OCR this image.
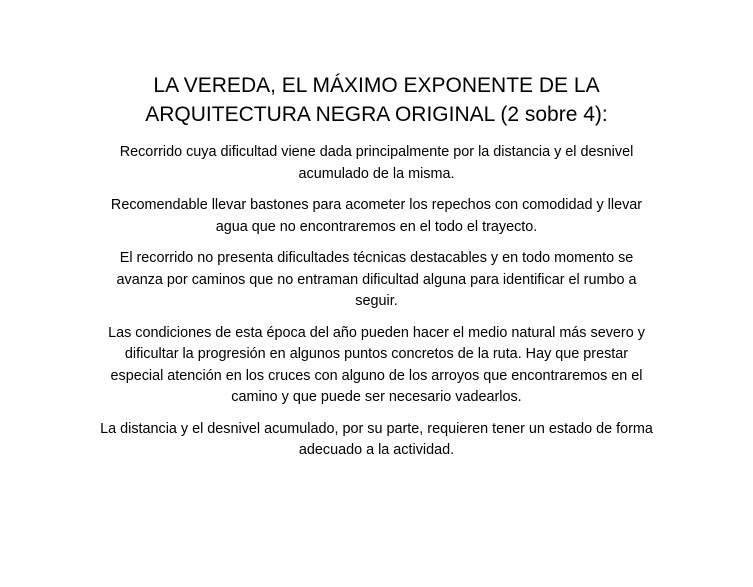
LA VEREDA, EL MÁXIMO EXPONENTE DE LA
ARQUITECTURA NEGRA ORIGINAL (2 sobre 4):

Recorrido cuya dificultad viene dada principalmente por la distancia y el desnivel
acumulado de la misma.

Recomendable llevar bastones para acometer los repechos con comodidad y llevar
agua que no encontraremos en el todo el trayecto.

El recorrido no presenta dificultades técnicas destacables y en todo momento se
avanza por caminos que no entraman dificultad alguna para identificar el rumbo a
seguir.

Las condiciones de esta época del año pueden hacer el medio natural más severo y
dificultar la progresión en algunos puntos concretos de la ruta. Hay que prestar
especial atención en los cruces con alguno de los arroyos que encontraremos en el
camino y que puede ser necesario vadearlos.

La distancia y el desnivel acumulado, por su parte, requieren tener un estado de forma
adecuado a la actividad.
